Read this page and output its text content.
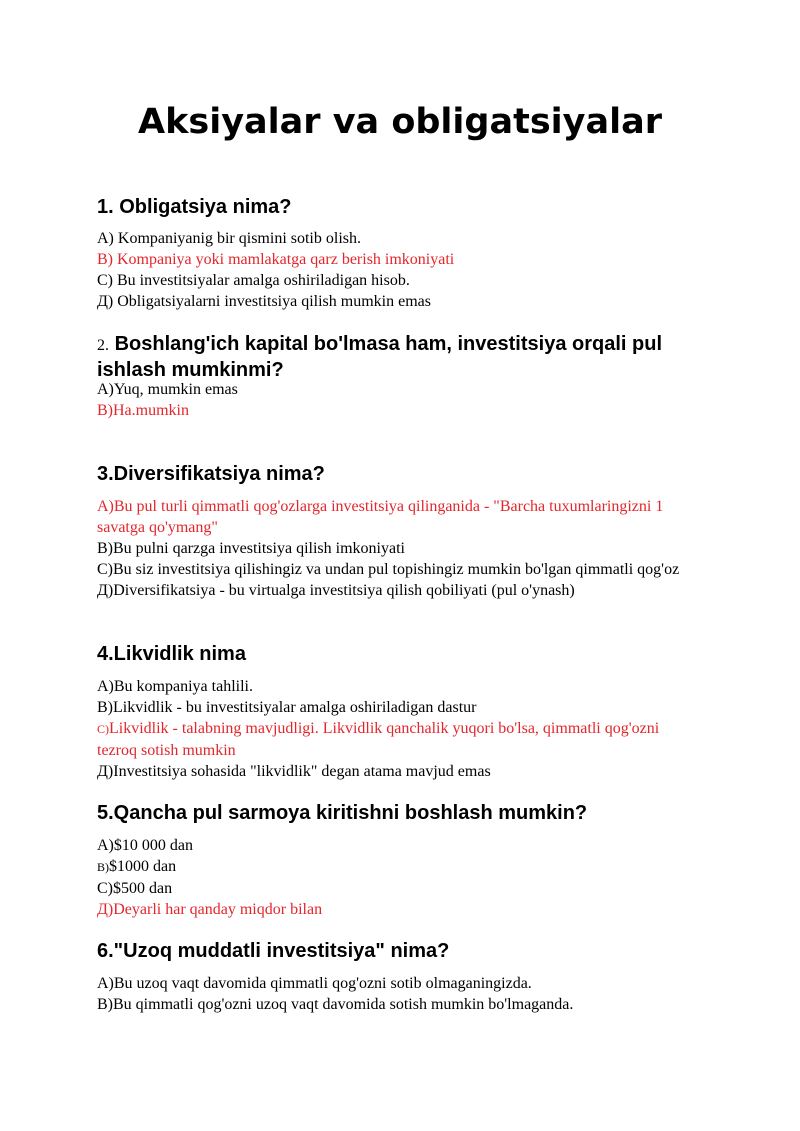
Aksiyalar va obligatsiyalar
1. Obligatsiya nima?
A) Kompaniyanig bir qismini sotib olish.
B) Kompaniya yoki mamlakatga qarz berish imkoniyati
C) Bu investitsiyalar amalga oshiriladigan hisob.
Д) Obligatsiyalarni investitsiya qilish mumkin emas
2. Boshlang'ich kapital bo'lmasa ham, investitsiya orqali pul ishlash mumkinmi?
A)Yuq, mumkin emas
B)Ha.mumkin
3.Diversifikatsiya nima?
A)Bu pul turli qimmatli qog'ozlarga investitsiya qilinganida - "Barcha tuxumlaringizni 1 savatga qo'ymang"
B)Bu pulni qarzga investitsiya qilish imkoniyati
C)Bu siz investitsiya qilishingiz va undan pul topishingiz mumkin bo'lgan qimmatli qog'oz
Д)Diversifikatsiya - bu virtualga investitsiya qilish qobiliyati (pul o'ynash)
4.Likvidlik nima
A)Bu kompaniya tahlili.
B)Likvidlik - bu investitsiyalar amalga oshiriladigan dastur
C)Likvidlik - talabning mavjudligi. Likvidlik qanchalik yuqori bo'lsa, qimmatli qog'ozni tezroq sotish mumkin
Д)Investitsiya sohasida "likvidlik" degan atama mavjud emas
5.Qancha pul sarmoya kiritishni boshlash mumkin?
A)$10 000 dan
B)$1000 dan
C)$500 dan
Д)Deyarli har qanday miqdor bilan
6."Uzoq muddatli investitsiya" nima?
A)Bu uzoq vaqt davomida qimmatli qog'ozni sotib olmaganingizda.
B)Bu qimmatli qog'ozni uzoq vaqt davomida sotish mumkin bo'lmaganda.
